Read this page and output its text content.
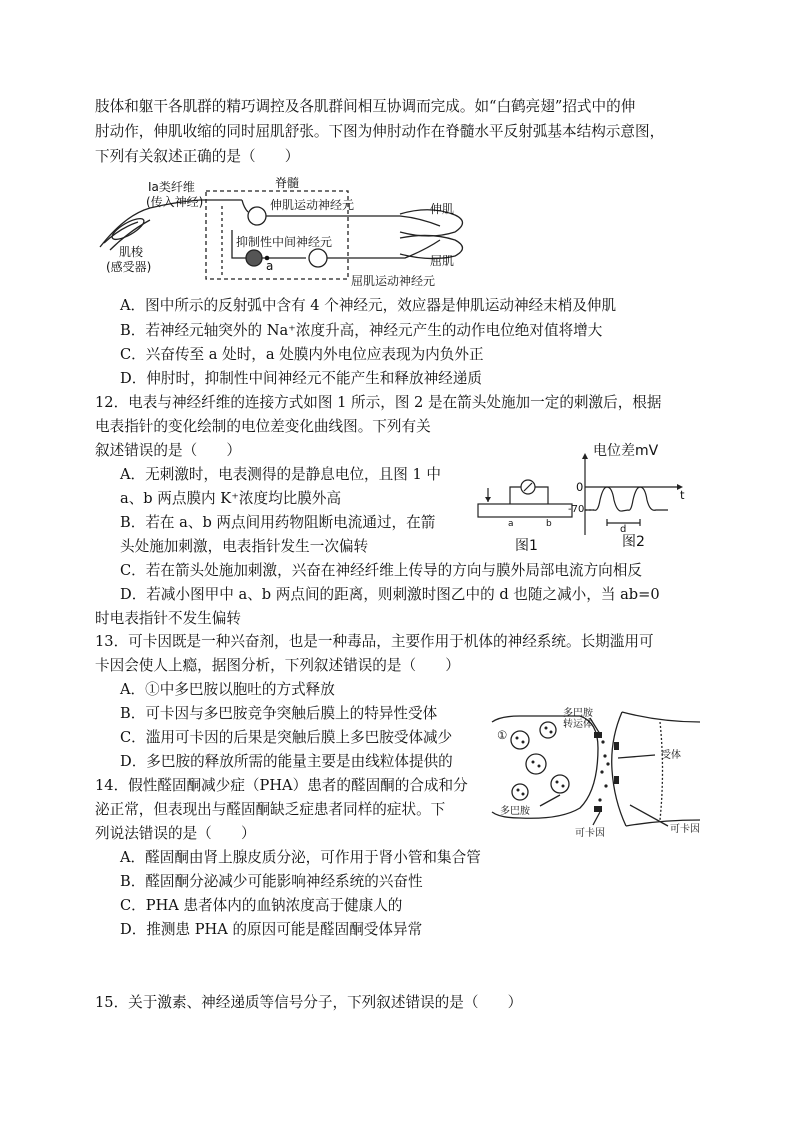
肢体和躯干各肌群的精巧调控及各肌群间相互协调而完成。如“白鹤亮翅”招式中的伸
肘动作，伸肌收缩的同时屈肌舒张。下图为伸肘动作在脊髓水平反射弧基本结构示意图，
下列有关叙述正确的是（　　）
Ⅰa类纤维
(传入神经)
脊髓
伸肌运动神经元
抑制性中间神经元
a
肌梭
(感受器)
伸肌
屈肌
屈肌运动神经元
A．图中所示的反射弧中含有 4 个神经元，效应器是伸肌运动神经末梢及伸肌
B．若神经元轴突外的 Na⁺浓度升高，神经元产生的动作电位绝对值将增大
C．兴奋传至 a 处时，a 处膜内外电位应表现为内负外正
D．伸肘时，抑制性中间神经元不能产生和释放神经递质
12．电表与神经纤维的连接方式如图 1 所示，图 2 是在箭头处施加一定的刺激后，根据
电表指针的变化绘制的电位差变化曲线图。下列有关
叙述错误的是（　　）
A．无刺激时，电表测得的是静息电位，且图 1 中
a、b 两点膜内 K⁺浓度均比膜外高
B．若在 a、b 两点间用药物阻断电流通过，在箭
头处施加刺激，电表指针发生一次偏转
C．若在箭头处施加刺激，兴奋在神经纤维上传导的方向与膜外局部电流方向相反
D．若减小图甲中 a、b 两点间的距离，则刺激时图乙中的 d 也随之减小，当 ab=0
时电表指针不发生偏转
电位差mV
0
-70
t
d
a	b
图1	图2
13．可卡因既是一种兴奋剂，也是一种毒品，主要作用于机体的神经系统。长期滥用可
卡因会使人上瘾，据图分析，下列叙述错误的是（　　）
A．①中多巴胺以胞吐的方式释放
B．可卡因与多巴胺竞争突触后膜上的特异性受体
C．滥用可卡因的后果是突触后膜上多巴胺受体减少
D．多巴胺的释放所需的能量主要是由线粒体提供的
多巴胺
转运体
①
受体
多巴胺
可卡因	可卡因
14．假性醛固酮减少症（PHA）患者的醛固酮的合成和分
泌正常，但表现出与醛固酮缺乏症患者同样的症状。下
列说法错误的是（　　）
A．醛固酮由肾上腺皮质分泌，可作用于肾小管和集合管
B．醛固酮分泌减少可能影响神经系统的兴奋性
C．PHA 患者体内的血钠浓度高于健康人的
D．推测患 PHA 的原因可能是醛固酮受体异常
15．关于激素、神经递质等信号分子，下列叙述错误的是（　　）
